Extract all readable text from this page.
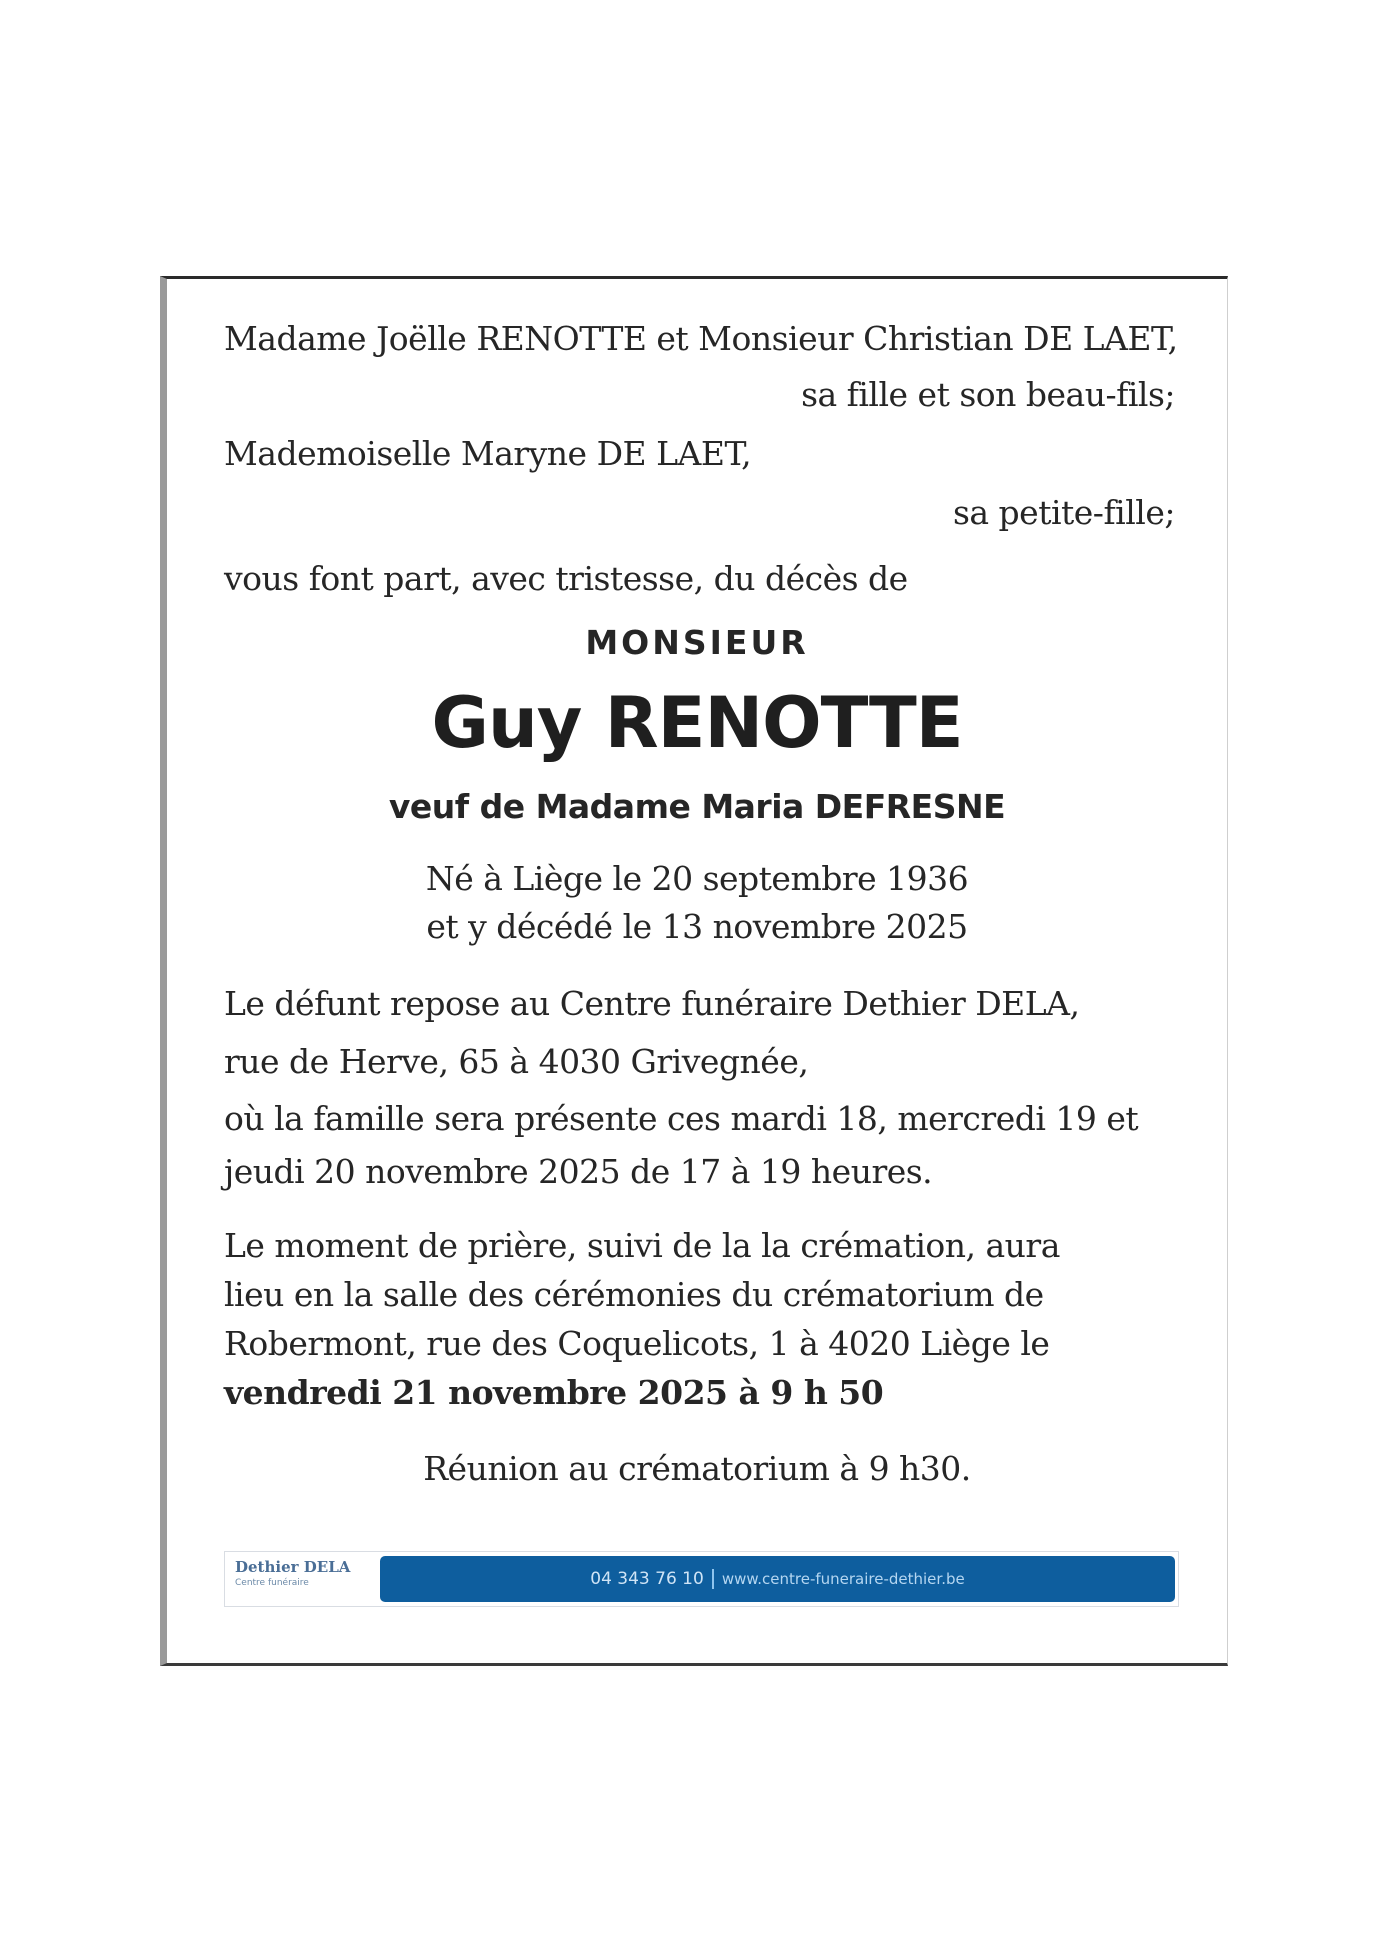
Madame Joëlle RENOTTE et Monsieur Christian DE LAET,
sa fille et son beau-fils;
Mademoiselle Maryne DE LAET,
sa petite-fille;
vous font part, avec tristesse, du décès de
MONSIEUR
Guy RENOTTE
veuf de Madame Maria DEFRESNE
Né à Liège le 20 septembre 1936
et y décédé le 13 novembre 2025
Le défunt repose au Centre funéraire Dethier DELA,
rue de Herve, 65 à 4030 Grivegnée,
où la famille sera présente ces mardi 18, mercredi 19 et
jeudi 20 novembre 2025 de 17 à 19 heures.
Le moment de prière, suivi de la la crémation, aura
lieu en la salle des cérémonies du crématorium de
Robermont, rue des Coquelicots, 1 à 4020 Liège le
vendredi 21 novembre 2025 à 9 h 50
Réunion au crématorium à 9 h30.
Dethier DELA
Centre funéraire	04 343 76 10 www.centre-funeraire-dethier.be
